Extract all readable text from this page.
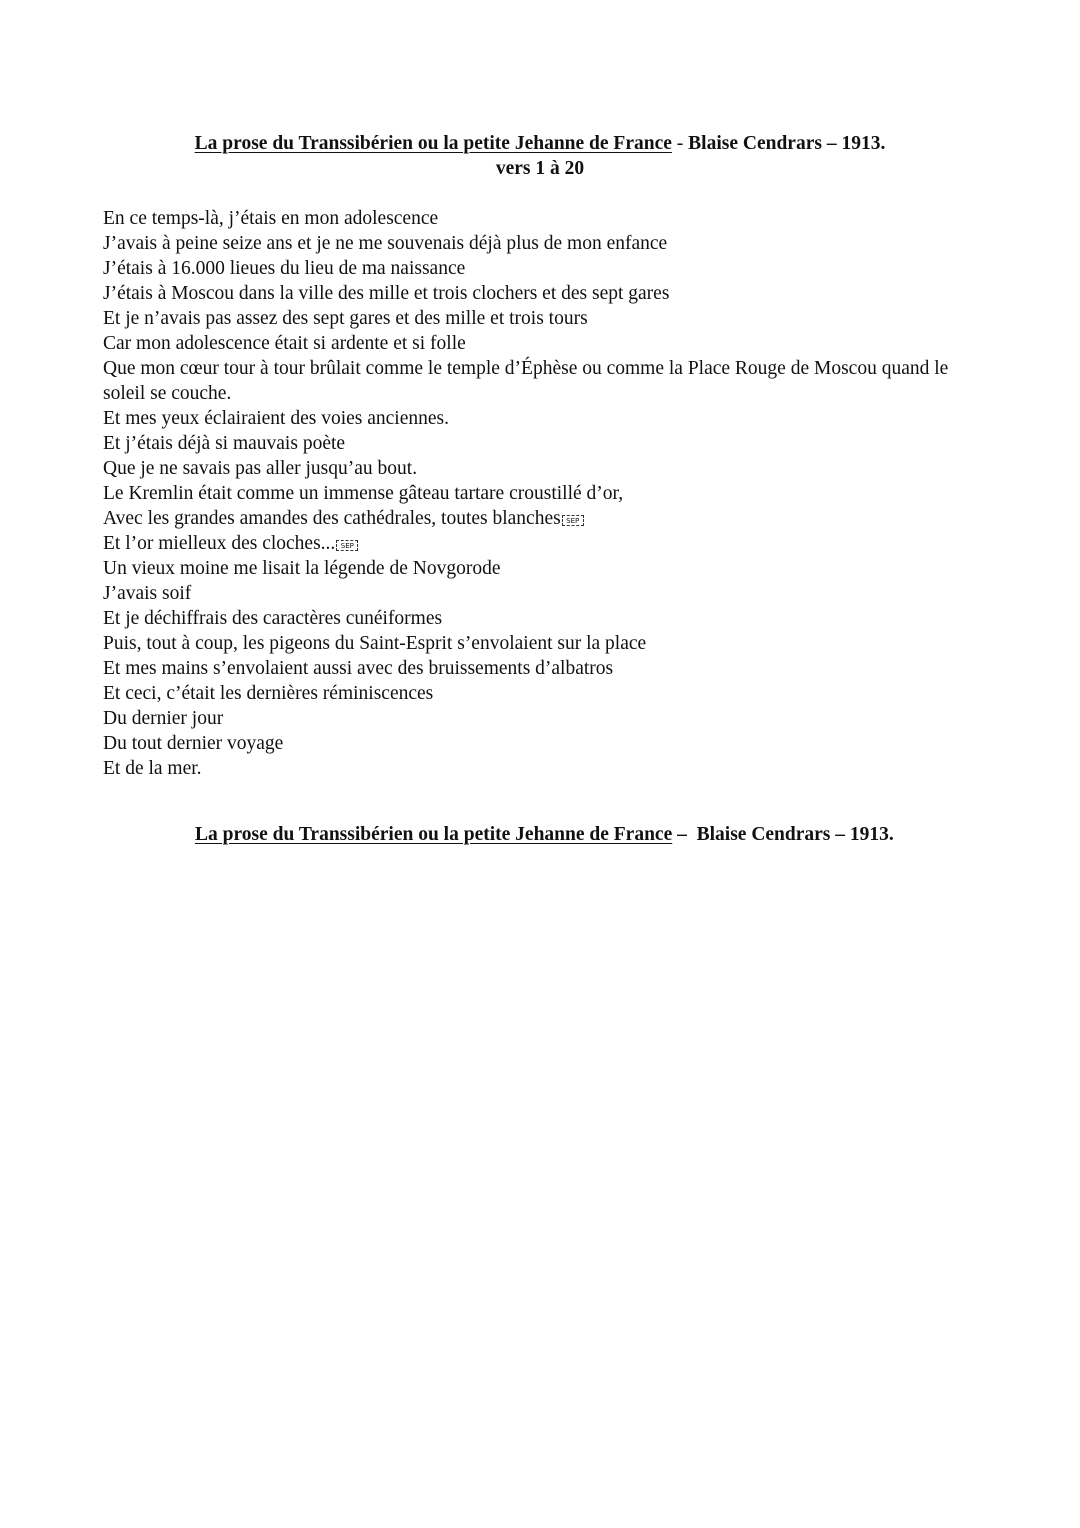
La prose du Transsibérien ou la petite Jehanne de France - Blaise Cendrars – 1913.
vers 1 à 20
En ce temps-là, j’étais en mon adolescence
J’avais à peine seize ans et je ne me souvenais déjà plus de mon enfance
J’étais à 16.000 lieues du lieu de ma naissance
J’étais à Moscou dans la ville des mille et trois clochers et des sept gares
Et je n’avais pas assez des sept gares et des mille et trois tours
Car mon adolescence était si ardente et si folle
Que mon cœur tour à tour brûlait comme le temple d’Éphèse ou comme la Place Rouge de Moscou quand le soleil se couche.
Et mes yeux éclairaient des voies anciennes.
Et j’étais déjà si mauvais poète
Que je ne savais pas aller jusqu’au bout.
Le Kremlin était comme un immense gâteau tartare croustillé d’or,
Avec les grandes amandes des cathédrales, toutes blanches SEP
Et l’or mielleux des cloches... SEP
Un vieux moine me lisait la légende de Novgorode
J’avais soif
Et je déchiffrais des caractères cunéiformes
Puis, tout à coup, les pigeons du Saint-Esprit s’envolaient sur la place
Et mes mains s’envolaient aussi avec des bruissements d’albatros
Et ceci, c’était les dernières réminiscences
Du dernier jour
Du tout dernier voyage
Et de la mer.
La prose du Transsibérien ou la petite Jehanne de France –  Blaise Cendrars – 1913.
